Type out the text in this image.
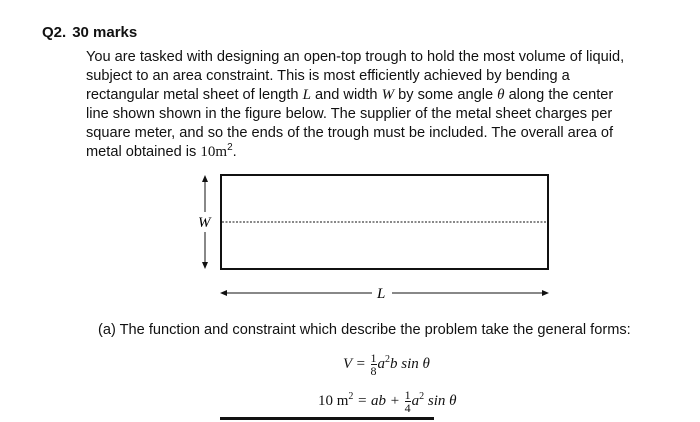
Q2. 30 marks
You are tasked with designing an open-top trough to hold the most volume of liquid,
subject to an area constraint. This is most efficiently achieved by bending a
rectangular metal sheet of length L and width W by some angle θ along the center
line shown shown in the figure below. The supplier of the metal sheet charges per
square meter, and so the ends of the trough must be included. The overall area of
metal obtained is $10m^2$.
W
L
(a) The function and constraint which describe the problem take the general forms:
$V = \frac{1}{8} a^2b$ sin θ
10 $m^2$ = ab + $\frac{1}{4} a^2$ sin θ
